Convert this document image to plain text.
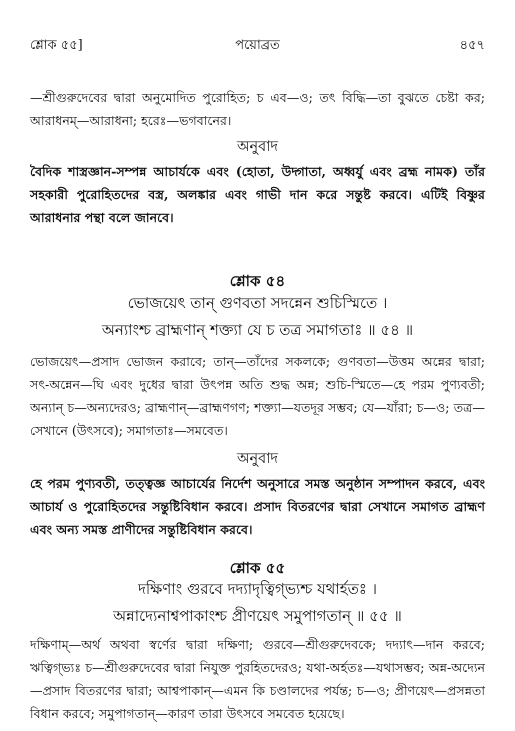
শ্লোক ৫৫]	পয়োব্রত	৪৫৭

—শ্রীগুরুদেবের দ্বারা অনুমোদিত পুরোহিত; চ এব—ও; তৎ বিদ্ধি—তা বুঝতে চেষ্টা কর; আরাধনম্—আরাধনা; হরেঃ—ভগবানের।

অনুবাদ

বৈদিক শাস্ত্রজ্ঞান-সম্পন্ন আচার্যকে এবং (হোতা, উদ্গাতা, অধ্বর্যু এবং ব্রহ্ম নামক) তাঁর সহকারী পুরোহিতদের বস্ত্র, অলঙ্কার এবং গাভী দান করে সন্তুষ্ট করবে। এটিই বিষ্ণুর আরাধনার পন্থা বলে জানবে।

শ্লোক ৫৪

ভোজয়েৎ তান্ গুণবতা সদন্নেন শুচিস্মিতে ।

অন্যাংশ্চ ব্রাহ্মণান্ শক্ত্যা যে চ তত্র সমাগতাঃ ॥ ৫৪ ॥

ভোজয়েৎ—প্রসাদ ভোজন করাবে; তান্—তাঁদের সকলকে; গুণবতা—উত্তম অন্নের দ্বারা; সৎ-অন্নেন—ঘি এবং দুধের দ্বারা উৎপন্ন অতি শুদ্ধ অন্ন; শুচি-স্মিতে—হে পরম পুণ্যবতী; অন্যান্ চ—অন্যদেরও; ব্রাহ্মণান্—ব্রাহ্মণগণ; শক্ত্যা—যতদূর সম্ভব; যে—যাঁরা; চ—ও; তত্র—সেখানে (উৎসবে); সমাগতাঃ—সমবেত।

অনুবাদ

হে পরম পুণ্যবতী, তত্ত্বজ্ঞ আচার্যের নির্দেশ অনুসারে সমস্ত অনুষ্ঠান সম্পাদন করবে, এবং আচার্য ও পুরোহিতদের সন্তুষ্টিবিধান করবে। প্রসাদ বিতরণের দ্বারা সেখানে সমাগত ব্রাহ্মণ এবং অন্য সমস্ত প্রাণীদের সন্তুষ্টিবিধান করবে।

শ্লোক ৫৫

দক্ষিণাং গুরবে দদ্যাদৃত্বিগ্ভ্যশ্চ যথার্হতঃ ।

অন্নাদ্যেনাশ্বপাকাংশ্চ প্রীণয়েৎ সমুপাগতান্ ॥ ৫৫ ॥

দক্ষিণাম্—অর্থ অথবা স্বর্ণের দ্বারা দক্ষিণা; গুরবে—শ্রীগুরুদেবকে; দদ্যাৎ—দান করবে; ঋত্বিগ্ভ্যঃ চ—শ্রীগুরুদেবের দ্বারা নিযুক্ত পুরহিতদেরও; যথা-অর্হতঃ—যথাসম্ভব; অন্ন-অদ্যেন—প্রসাদ বিতরণের দ্বারা; আশ্বপাকান্—এমন কি চণ্ডালদের পর্যন্ত; চ—ও; প্রীণয়েৎ—প্রসন্নতা বিধান করবে; সমুপাগতান্—কারণ তারা উৎসবে সমবেত হয়েছে।
